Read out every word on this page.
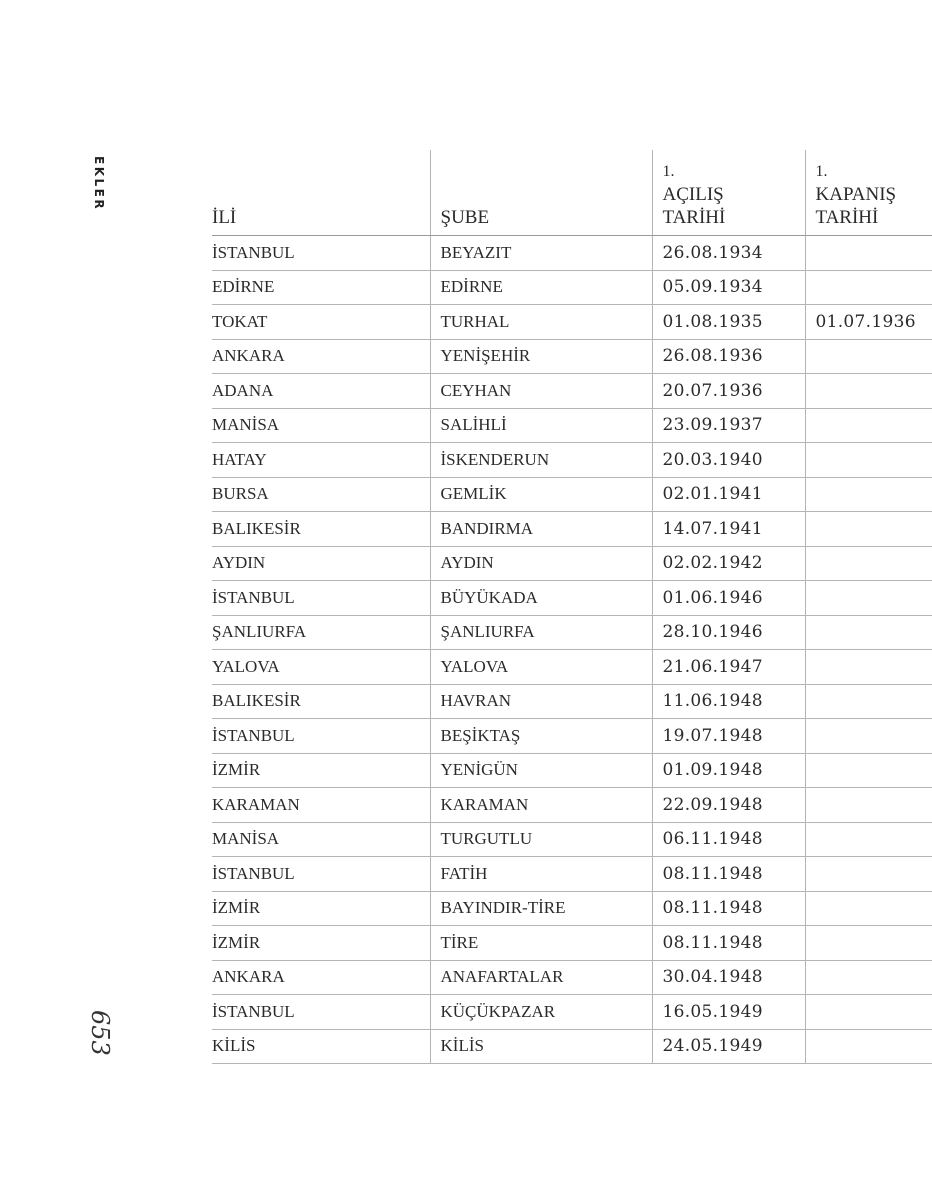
EKLER
653
İLİ	ŞUBE	1.
AÇILIŞ
TARİHİ	1.
KAPANIŞ
TARİHİ
İSTANBUL	BEYAZIT	26.08.1934	
EDİRNE	EDİRNE	05.09.1934	
TOKAT	TURHAL	01.08.1935	01.07.1936
ANKARA	YENİŞEHİR	26.08.1936	
ADANA	CEYHAN	20.07.1936	
MANİSA	SALİHLİ	23.09.1937	
HATAY	İSKENDERUN	20.03.1940	
BURSA	GEMLİK	02.01.1941	
BALIKESİR	BANDIRMA	14.07.1941	
AYDIN	AYDIN	02.02.1942	
İSTANBUL	BÜYÜKADA	01.06.1946	
ŞANLIURFA	ŞANLIURFA	28.10.1946	
YALOVA	YALOVA	21.06.1947	
BALIKESİR	HAVRAN	11.06.1948	
İSTANBUL	BEŞİKTAŞ	19.07.1948	
İZMİR	YENİGÜN	01.09.1948	
KARAMAN	KARAMAN	22.09.1948	
MANİSA	TURGUTLU	06.11.1948	
İSTANBUL	FATİH	08.11.1948	
İZMİR	BAYINDIR-TİRE	08.11.1948	
İZMİR	TİRE	08.11.1948	
ANKARA	ANAFARTALAR	30.04.1948	
İSTANBUL	KÜÇÜKPAZAR	16.05.1949	
KİLİS	KİLİS	24.05.1949	
